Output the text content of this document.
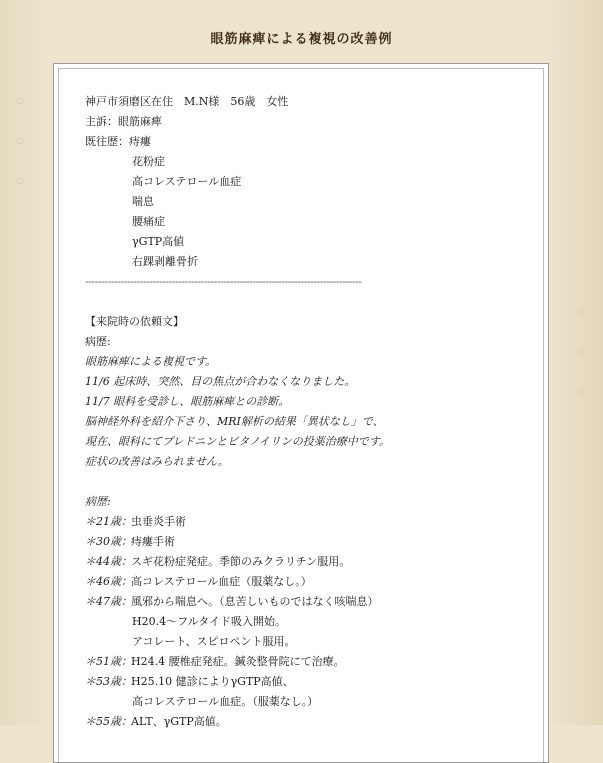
◦ ◦ ◦
◦ ◦ ◦
眼筋麻痺による複視の改善例
神戸市須磨区在住　M.N様　56歳　女性
主訴：眼筋麻痺
既往歴：痔瘻
花粉症
高コレステロール血症
喘息
腰痛症
γGTP高値
右踝剥離骨折
--------------------------------------------------------------------------------------
【来院時の依頼文】
病歴:
眼筋麻痺による複視です。
11/6 起床時、突然、目の焦点が合わなくなりました。
11/7 眼科を受診し、眼筋麻痺との診断。
脳神経外科を紹介下さり、MRI解析の結果「異状なし」で、
現在、眼科にてプレドニンとビタノイリンの投薬治療中です。
症状の改善はみられません。
病歴:
＊21歳： 虫垂炎手術
＊30歳： 痔瘻手術
＊44歳： スギ花粉症発症。季節のみクラリチン服用。
＊46歳： 高コレステロール血症（服薬なし。）
＊47歳： 風邪から喘息へ。（息苦しいものではなく咳喘息）
H20.4～フルタイド吸入開始。
アコレート、スピロペント服用。
＊51歳： H24.4 腰椎症発症。鍼灸整骨院にて治療。
＊53歳： H25.10 健診によりγGTP高値、
高コレステロール血症。（服薬なし。）
＊55歳： ALT、γGTP高値。
